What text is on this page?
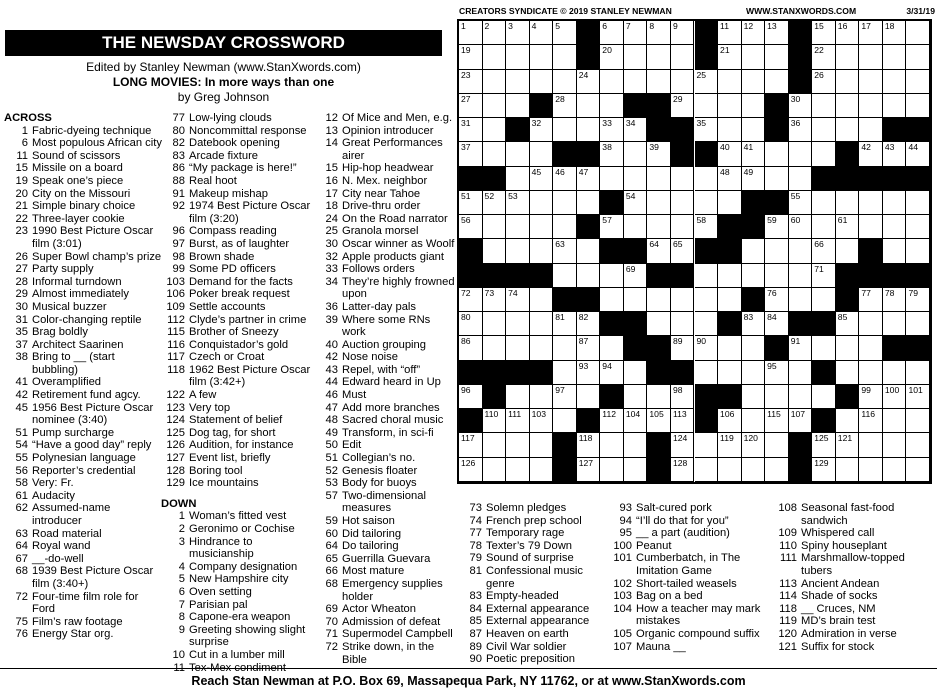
CREATORS SYNDICATE © 2019 STANLEY NEWMAN	WWW.STANXWORDS.COM	3/31/19
THE NEWSDAY CROSSWORD
Edited by Stanley Newman (www.StanXwords.com)
LONG MOVIES: In more ways than one
by Greg Johnson
1 2 3 4 5	6 7 8 9	11 12 13	15 16 17 18
19	20	21	22
23	24	25	26
27	28	29	30
31	32	33 34	35	36
37	38	39	40 41	42 43 44
45 46 47	48 49
51 52 53	54	55
56	57	58	59 60	61
63	64 65	66
69	71
72 73 74	76	77 78 79
80	81 82	83 84	85
86	87	89 90	91
93 94	95
96	97	98	99 100 101
110 111 103	112 104 105 113	106	115 107	116
117	118	124	119 120	125 121
126	127	128	129
ACROSS
1 Fabric-dyeing technique
6 Most populous African city
11 Sound of scissors
15 Missile on a board
19 Speak one’s piece
20 City on the Missouri
21 Simple binary choice
22 Three-layer cookie
23 1990 Best Picture Oscar film (3:01)
26 Super Bowl champ’s prize
27 Party supply
28 Informal turndown
29 Almost immediately
30 Musical buzzer
31 Color-changing reptile
35 Brag boldly
37 Architect Saarinen
38 Bring to __ (start bubbling)
41 Overamplified
42 Retirement fund agcy.
45 1956 Best Picture Oscar nominee (3:40)
51 Pump surcharge
54 “Have a good day” reply
55 Polynesian language
56 Reporter’s credential
58 Very: Fr.
61 Audacity
62 Assumed-name introducer
63 Road material
64 Royal wand
67 __-do-well
68 1939 Best Picture Oscar film (3:40+)
72 Four-time film role for Ford
75 Film’s raw footage
76 Energy Star org.
77 Low-lying clouds
80 Noncommittal response
82 Datebook opening
83 Arcade fixture
86 “My package is here!”
88 Real hoot
91 Makeup mishap
92 1974 Best Picture Oscar film (3:20)
96 Compass reading
97 Burst, as of laughter
98 Brown shade
99 Some PD officers
103 Demand for the facts
106 Poker break request
109 Settle accounts
112 Clyde’s partner in crime
115 Brother of Sneezy
116 Conquistador’s gold
117 Czech or Croat
118 1962 Best Picture Oscar film (3:42+)
122 A few
123 Very top
124 Statement of belief
125 Dog tag, for short
126 Audition, for instance
127 Event list, briefly
128 Boring tool
129 Ice mountains
DOWN
1 Woman’s fitted vest
2 Geronimo or Cochise
3 Hindrance to musicianship
4 Company designation
5 New Hampshire city
6 Oven setting
7 Parisian pal
8 Capone-era weapon
9 Greeting showing slight surprise
10 Cut in a lumber mill
11 Tex-Mex condiment
12 Of Mice and Men, e.g.
13 Opinion introducer
14 Great Performances airer
15 Hip-hop headwear
16 N. Mex. neighbor
17 City near Tahoe
18 Drive-thru order
24 On the Road narrator
25 Granola morsel
30 Oscar winner as Woolf
32 Apple products giant
33 Follows orders
34 They’re highly frowned upon
36 Latter-day pals
39 Where some RNs work
40 Auction grouping
42 Nose noise
43 Repel, with “off”
44 Edward heard in Up
46 Must
47 Add more branches
48 Sacred choral music
49 Transform, in sci-fi
50 Edit
51 Collegian’s no.
52 Genesis floater
53 Body for buoys
57 Two-dimensional measures
59 Hot saison
60 Did tailoring
64 Do tailoring
65 Guerrilla Guevara
66 Most mature
68 Emergency supplies holder
69 Actor Wheaton
70 Admission of defeat
71 Supermodel Campbell
72 Strike down, in the Bible
73 Solemn pledges
74 French prep school
77 Temporary rage
78 Texter’s 79 Down
79 Sound of surprise
81 Confessional music genre
83 Empty-headed
84 External appearance
85 External appearance
87 Heaven on earth
89 Civil War soldier
90 Poetic preposition
93 Salt-cured pork
94 “I’ll do that for you”
95 __ a part (audition)
100 Peanut
101 Cumberbatch, in The Imitation Game
102 Short-tailed weasels
103 Bag on a bed
104 How a teacher may mark mistakes
105 Organic compound suffix
107 Mauna __
108 Seasonal fast-food sandwich
109 Whispered call
110 Spiny houseplant
111 Marshmallow-topped tubers
113 Ancient Andean
114 Shade of socks
118 __ Cruces, NM
119 MD’s brain test
120 Admiration in verse
121 Suffix for stock
Reach Stan Newman at P.O. Box 69, Massapequa Park, NY 11762, or at www.StanXwords.com
